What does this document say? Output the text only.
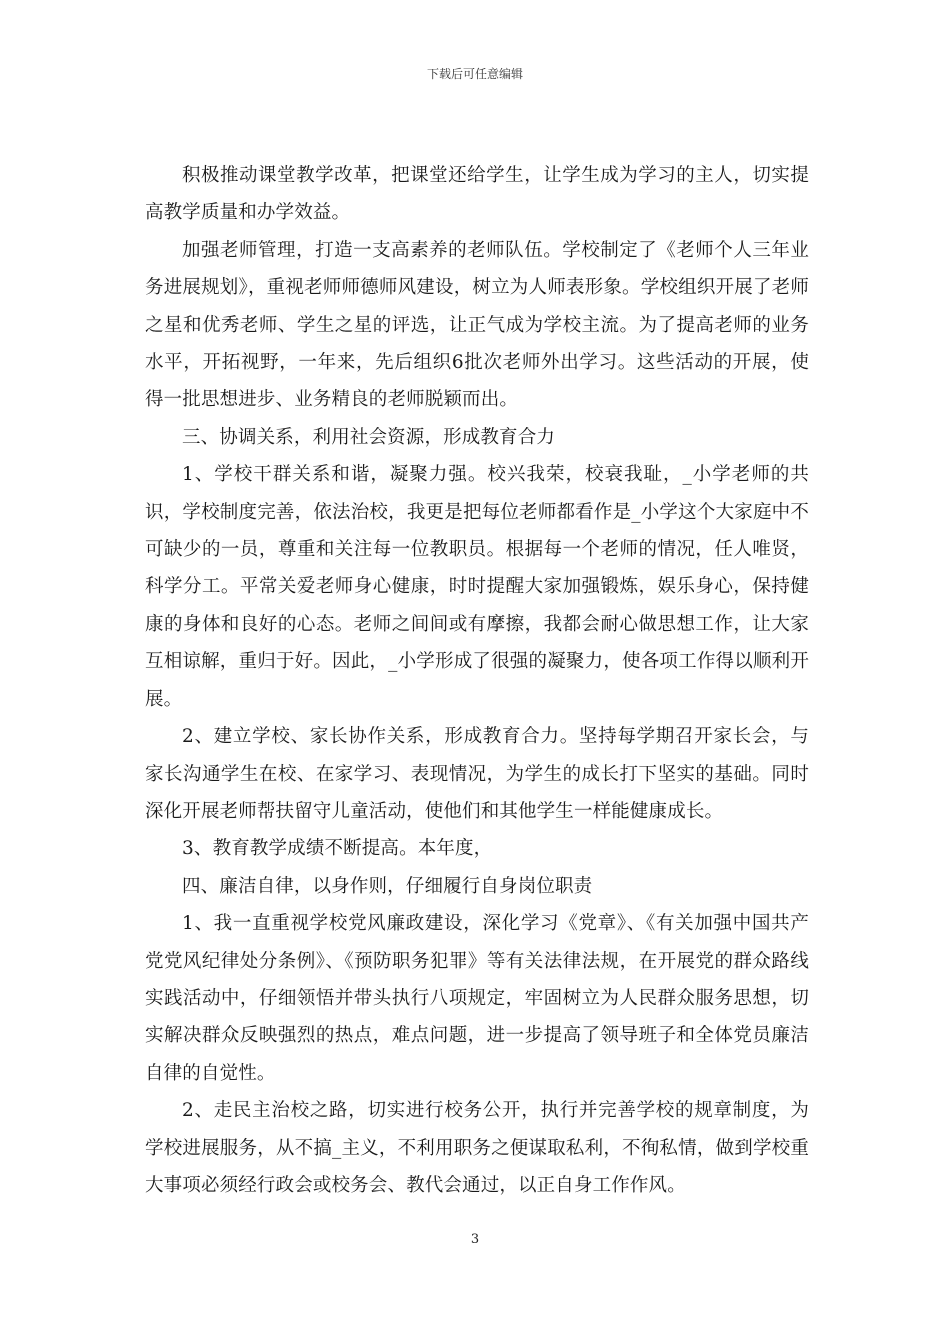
下载后可任意编辑

积极推动课堂教学改革，把课堂还给学生，让学生成为学习的主人，切实提高教学质量和办学效益。

加强老师管理，打造一支高素养的老师队伍。学校制定了《老师个人三年业务进展规划》，重视老师师德师风建设，树立为人师表形象。学校组织开展了老师之星和优秀老师、学生之星的评选，让正气成为学校主流。为了提高老师的业务水平，开拓视野，一年来，先后组织6批次老师外出学习。这些活动的开展，使得一批思想进步、业务精良的老师脱颖而出。

三、协调关系，利用社会资源，形成教育合力

1、学校干群关系和谐，凝聚力强。校兴我荣，校衰我耻，_小学老师的共识，学校制度完善，依法治校，我更是把每位老师都看作是_小学这个大家庭中不可缺少的一员，尊重和关注每一位教职员。根据每一个老师的情况，任人唯贤，科学分工。平常关爱老师身心健康，时时提醒大家加强锻炼，娱乐身心，保持健康的身体和良好的心态。老师之间间或有摩擦，我都会耐心做思想工作，让大家互相谅解，重归于好。因此，_小学形成了很强的凝聚力，使各项工作得以顺利开展。

2、建立学校、家长协作关系，形成教育合力。坚持每学期召开家长会，与家长沟通学生在校、在家学习、表现情况，为学生的成长打下坚实的基础。同时深化开展老师帮扶留守儿童活动，使他们和其他学生一样能健康成长。

3、教育教学成绩不断提高。本年度，

四、廉洁自律，以身作则，仔细履行自身岗位职责

1、我一直重视学校党风廉政建设，深化学习《党章》、《有关加强中国共产党党风纪律处分条例》、《预防职务犯罪》等有关法律法规，在开展党的群众路线实践活动中，仔细领悟并带头执行八项规定，牢固树立为人民群众服务思想，切实解决群众反映强烈的热点，难点问题，进一步提高了领导班子和全体党员廉洁自律的自觉性。

2、走民主治校之路，切实进行校务公开，执行并完善学校的规章制度，为学校进展服务，从不搞_主义，不利用职务之便谋取私利，不徇私情，做到学校重大事项必须经行政会或校务会、教代会通过，以正自身工作作风。

3
